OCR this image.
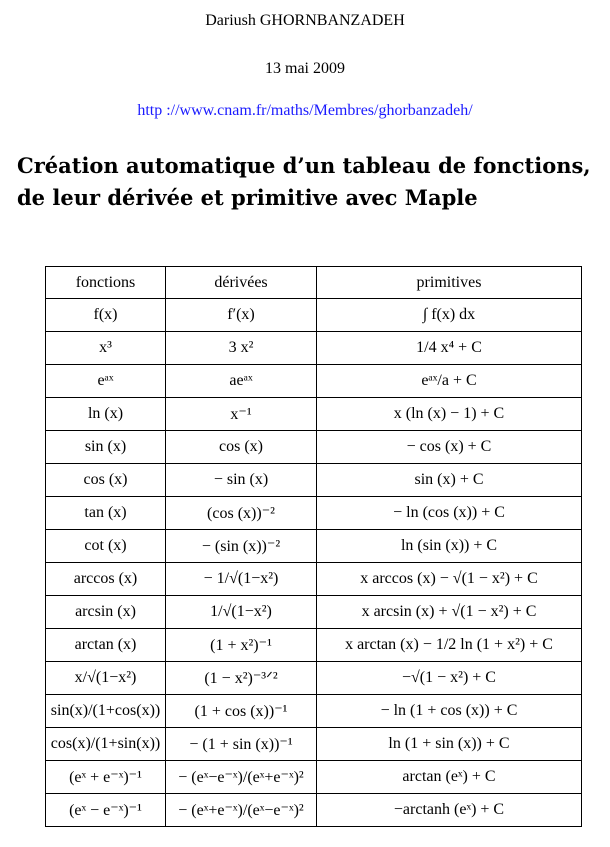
Dariush GHORNBANZADEH
13 mai 2009
http ://www.cnam.fr/maths/Membres/ghorbanzadeh/
Création automatique d’un tableau de fonctions,
de leur dérivée et primitive avec Maple
fonctions	dérivées	primitives
f(x)	f′(x)	∫ f(x) dx
x³	3 x²	1/4 x⁴ + C
eᵃˣ	aeᵃˣ	eᵃˣ/a + C
ln (x)	x⁻¹	x (ln (x) − 1) + C
sin (x)	cos (x)	− cos (x) + C
cos (x)	− sin (x)	sin (x) + C
tan (x)	(cos (x))⁻²	− ln (cos (x)) + C
cot (x)	− (sin (x))⁻²	ln (sin (x)) + C
arccos (x)	− 1/√(1−x²)	x arccos (x) − √(1 − x²) + C
arcsin (x)	1/√(1−x²)	x arcsin (x) + √(1 − x²) + C
arctan (x)	(1 + x²)⁻¹	x arctan (x) − 1/2 ln (1 + x²) + C
x/√(1−x²)	(1 − x²)⁻³ᐟ²	−√(1 − x²) + C
sin(x)/(1+cos(x))	(1 + cos (x))⁻¹	− ln (1 + cos (x)) + C
cos(x)/(1+sin(x))	− (1 + sin (x))⁻¹	ln (1 + sin (x)) + C
(eˣ + e⁻ˣ)⁻¹	− (eˣ−e⁻ˣ)/(eˣ+e⁻ˣ)²	arctan (eˣ) + C
(eˣ − e⁻ˣ)⁻¹	− (eˣ+e⁻ˣ)/(eˣ−e⁻ˣ)²	−arctanh (eˣ) + C
